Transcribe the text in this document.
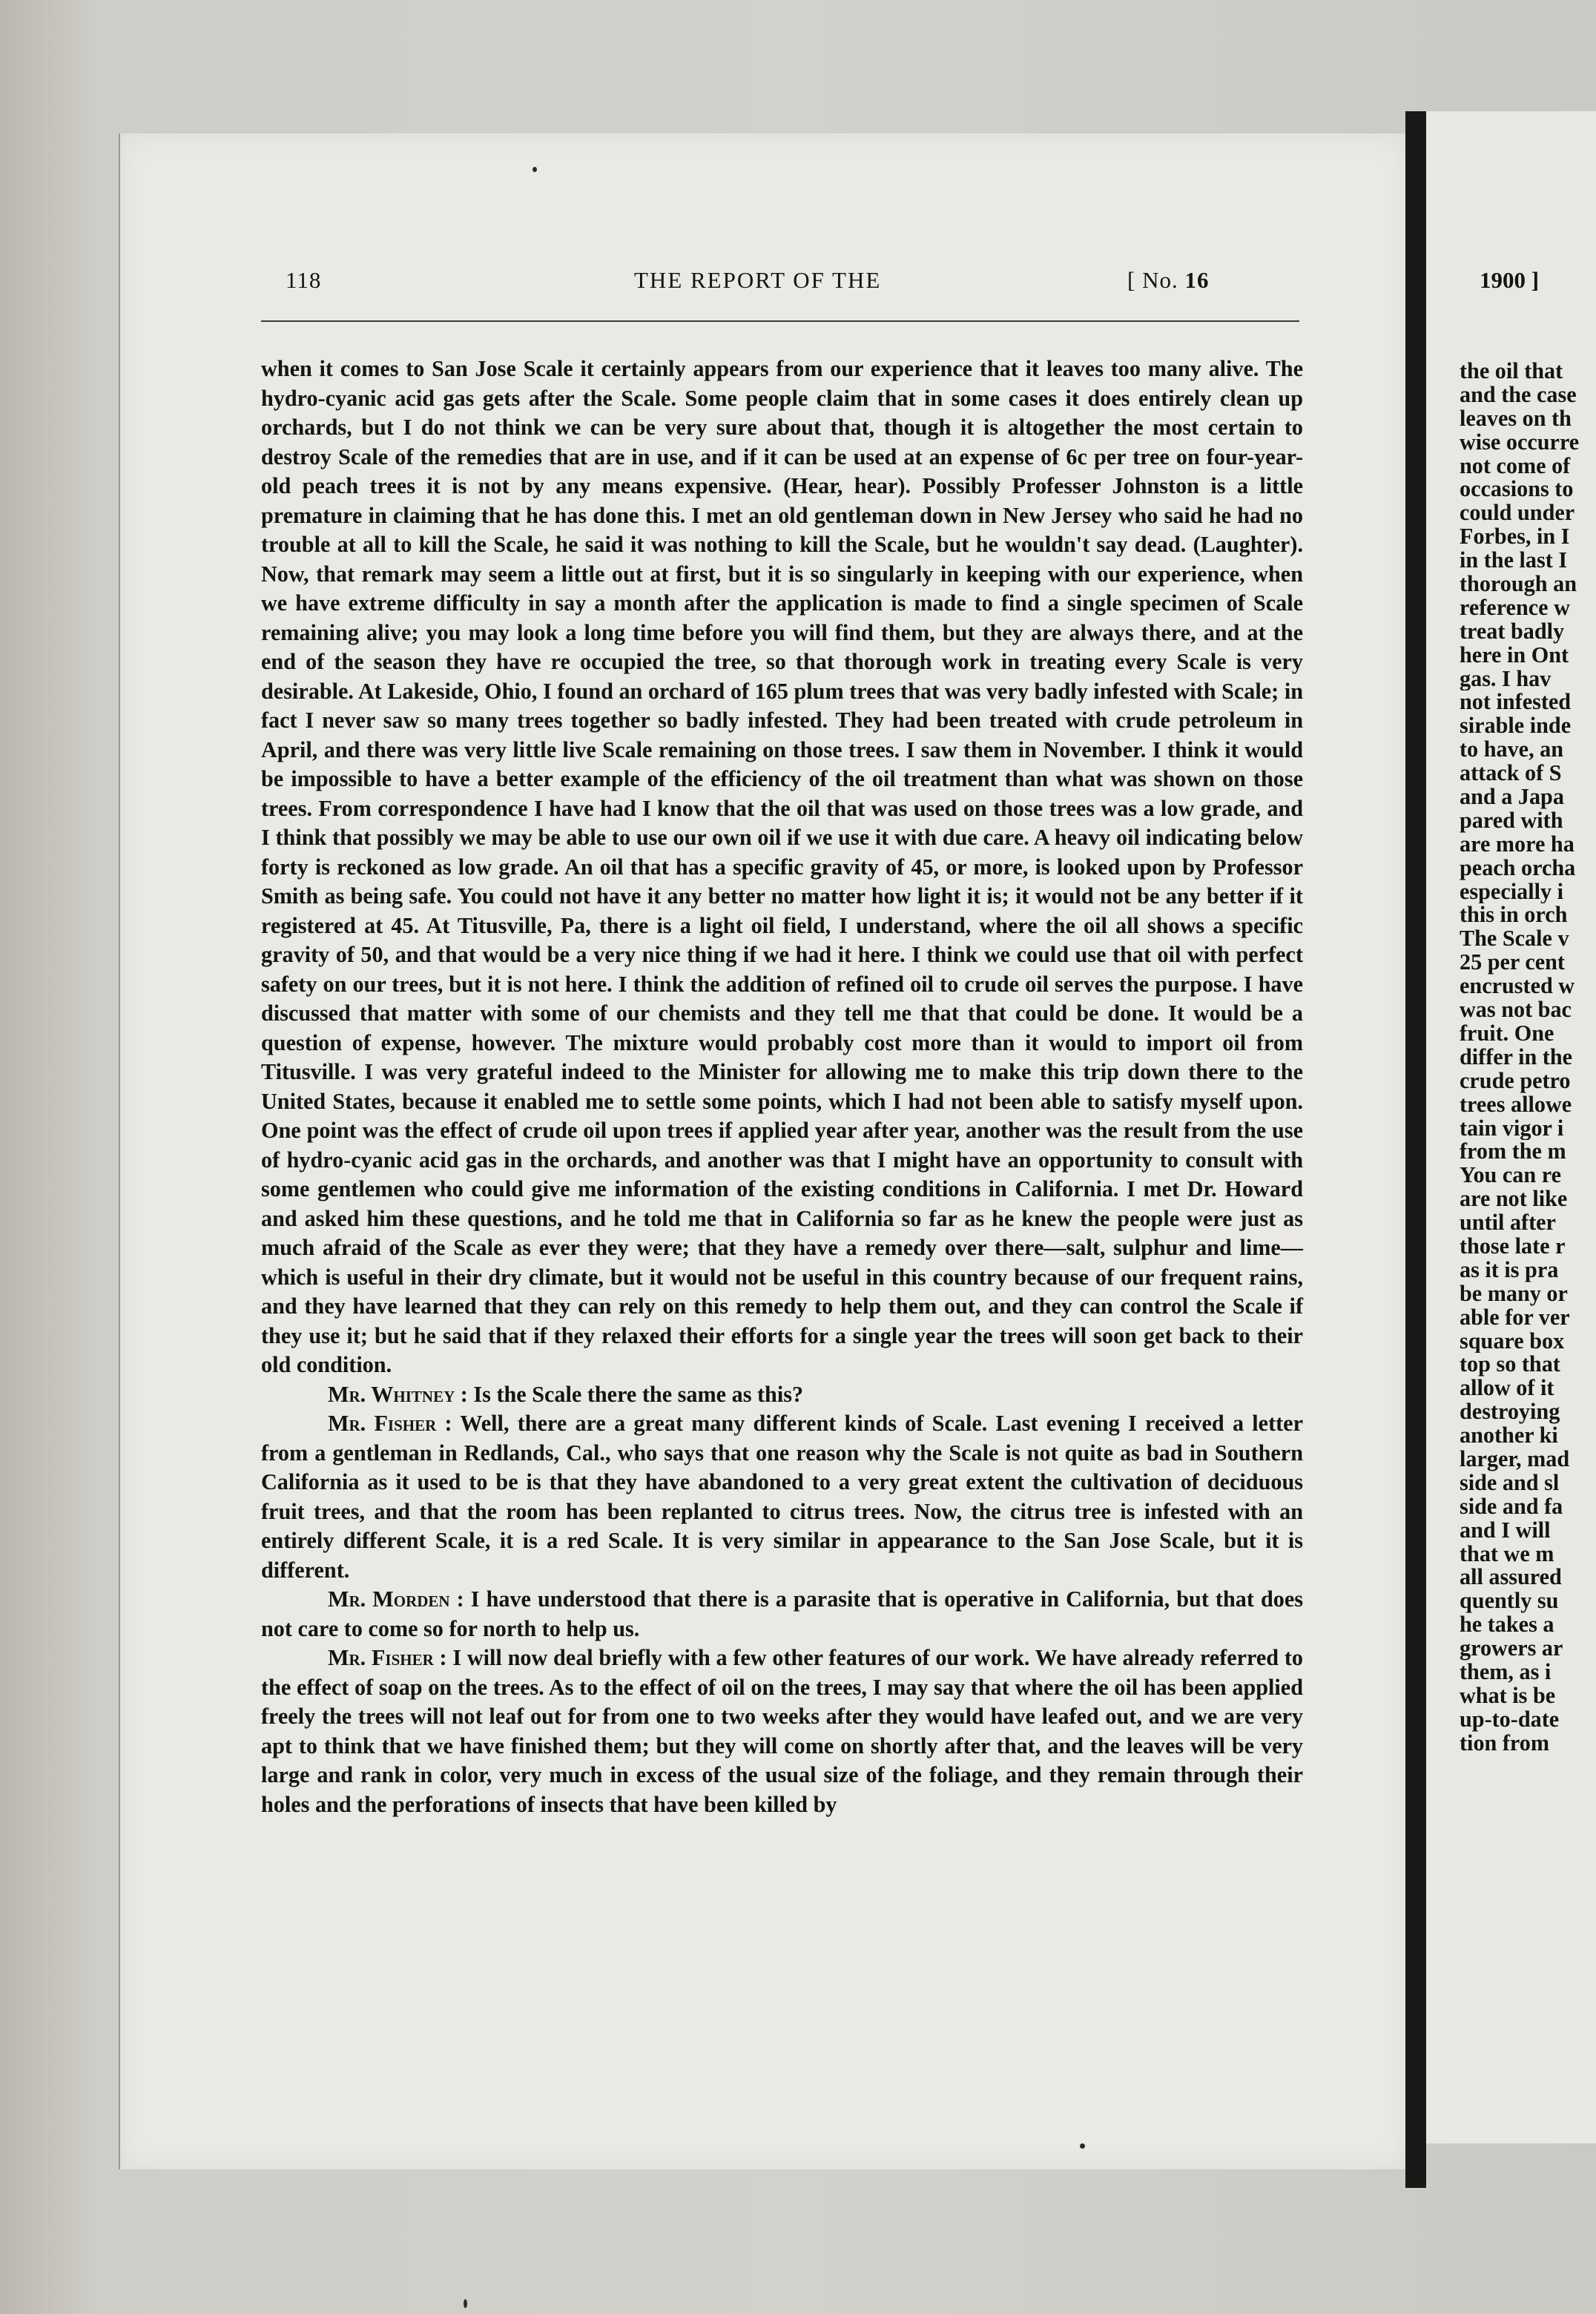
118	THE REPORT OF THE	[ No. 16

when it comes to San Jose Scale it certainly appears from our experience that it leaves too many alive. The hydro-cyanic acid gas gets after the Scale. Some people claim that in some cases it does entirely clean up orchards, but I do not think we can be very sure about that, though it is altogether the most certain to destroy Scale of the remedies that are in use, and if it can be used at an expense of 6c per tree on four-year-old peach trees it is not by any means expensive. (Hear, hear). Possibly Professer Johnston is a little premature in claiming that he has done this. I met an old gentleman down in New Jersey who said he had no trouble at all to kill the Scale, he said it was nothing to kill the Scale, but he wouldn't say dead. (Laughter). Now, that remark may seem a little out at first, but it is so singularly in keeping with our experience, when we have extreme difficulty in say a month after the application is made to find a single specimen of Scale remaining alive; you may look a long time before you will find them, but they are always there, and at the end of the season they have re occupied the tree, so that thorough work in treating every Scale is very desirable. At Lakeside, Ohio, I found an orchard of 165 plum trees that was very badly infested with Scale; in fact I never saw so many trees together so badly infested. They had been treated with crude petroleum in April, and there was very little live Scale remaining on those trees. I saw them in November. I think it would be impossible to have a better example of the efficiency of the oil treatment than what was shown on those trees. From correspondence I have had I know that the oil that was used on those trees was a low grade, and I think that possibly we may be able to use our own oil if we use it with due care. A heavy oil indicating below forty is reckoned as low grade. An oil that has a specific gravity of 45, or more, is looked upon by Professor Smith as being safe. You could not have it any better no matter how light it is; it would not be any better if it registered at 45. At Titusville, Pa, there is a light oil field, I understand, where the oil all shows a specific gravity of 50, and that would be a very nice thing if we had it here. I think we could use that oil with perfect safety on our trees, but it is not here. I think the addition of refined oil to crude oil serves the purpose. I have discussed that matter with some of our chemists and they tell me that that could be done. It would be a question of expense, however. The mixture would probably cost more than it would to import oil from Titusville. I was very grateful indeed to the Minister for allowing me to make this trip down there to the United States, because it enabled me to settle some points, which I had not been able to satisfy myself upon. One point was the effect of crude oil upon trees if applied year after year, another was the result from the use of hydro-cyanic acid gas in the orchards, and another was that I might have an opportunity to consult with some gentlemen who could give me information of the existing conditions in California. I met Dr. Howard and asked him these questions, and he told me that in California so far as he knew the people were just as much afraid of the Scale as ever they were; that they have a remedy over there—salt, sulphur and lime—which is useful in their dry climate, but it would not be useful in this country because of our frequent rains, and they have learned that they can rely on this remedy to help them out, and they can control the Scale if they use it; but he said that if they relaxed their efforts for a single year the trees will soon get back to their old condition.

Mr. Whitney : Is the Scale there the same as this?

Mr. Fisher : Well, there are a great many different kinds of Scale. Last evening I received a letter from a gentleman in Redlands, Cal., who says that one reason why the Scale is not quite as bad in Southern California as it used to be is that they have abandoned to a very great extent the cultivation of deciduous fruit trees, and that the room has been replanted to citrus trees. Now, the citrus tree is infested with an entirely different Scale, it is a red Scale. It is very similar in appearance to the San Jose Scale, but it is different.

Mr. Morden : I have understood that there is a parasite that is operative in California, but that does not care to come so for north to help us.

Mr. Fisher : I will now deal briefly with a few other features of our work. We have already referred to the effect of soap on the trees. As to the effect of oil on the trees, I may say that where the oil has been applied freely the trees will not leaf out for from one to two weeks after they would have leafed out, and we are very apt to think that we have finished them; but they will come on shortly after that, and the leaves will be very large and rank in color, very much in excess of the usual size of the foliage, and they remain through their holes and the perforations of insects that have been killed by

1900 ]
the oil that
and the case
leaves on th
wise occurre
not come of
occasions to
could under
Forbes, in I
in the last I
thorough an
reference w
treat badly
here in Ont
gas. I hav
not infested
sirable inde
to have, an
attack of S
and a Japa
pared with
are more ha
peach orcha
especially i
this in orch
The Scale v
25 per cent
encrusted w
was not bac
fruit. One
differ in the
crude petro
trees allowe
tain vigor i
from the m
You can re
are not like
until after
those late r
as it is pra
be many or
able for ver
square box
top so that
allow of it
destroying
another ki
larger, mad
side and sl
side and fa
and I will
that we m
all assured
quently su
he takes a
growers ar
them, as i
what is be
up-to-date
tion from
